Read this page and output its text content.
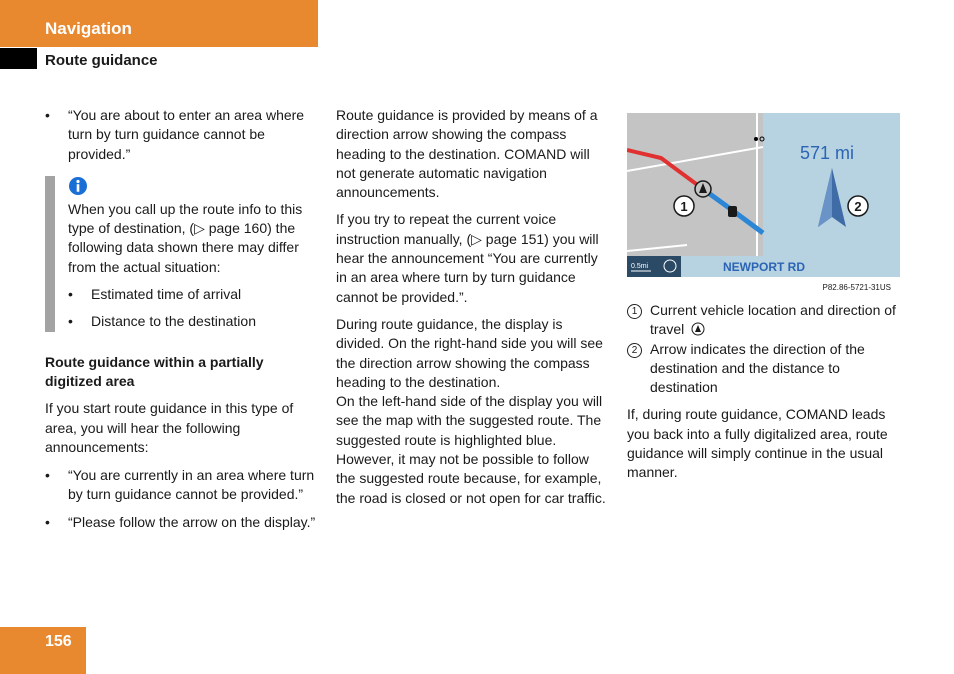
Navigation
Route guidance

• “You are about to enter an area where turn by turn guidance cannot be provided.”

When you call up the route info to this type of destination, (▷ page 160) the following data shown there may differ from the actual situation:

• Estimated time of arrival

• Distance to the destination

Route guidance within a partially digitized area

If you start route guidance in this type of area, you will hear the following announcements:

• “You are currently in an area where turn by turn guidance cannot be provided.”

• “Please follow the arrow on the display.”

Route guidance is provided by means of a direction arrow showing the compass heading to the destination. COMAND will not generate automatic navigation announcements.

If you try to repeat the current voice instruction manually, (▷ page 151) you will hear the announcement “You are currently in an area where turn by turn guidance cannot be provided.”.

During route guidance, the display is divided. On the right-hand side you will see the direction arrow showing the compass heading to the destination.

On the left-hand side of the display you will see the map with the suggested route. The suggested route is highlighted blue. However, it may not be possible to follow the suggested route because, for example, the road is closed or not open for car traffic.

1
571 mi
2
0.5mi	NEWPORT RD
P82.86-5721-31US
1 Current vehicle location and direction of travel
2 Arrow indicates the direction of the destination and the distance to destination

If, during route guidance, COMAND leads you back into a fully digitalized area, route guidance will simply continue in the usual manner.

156
